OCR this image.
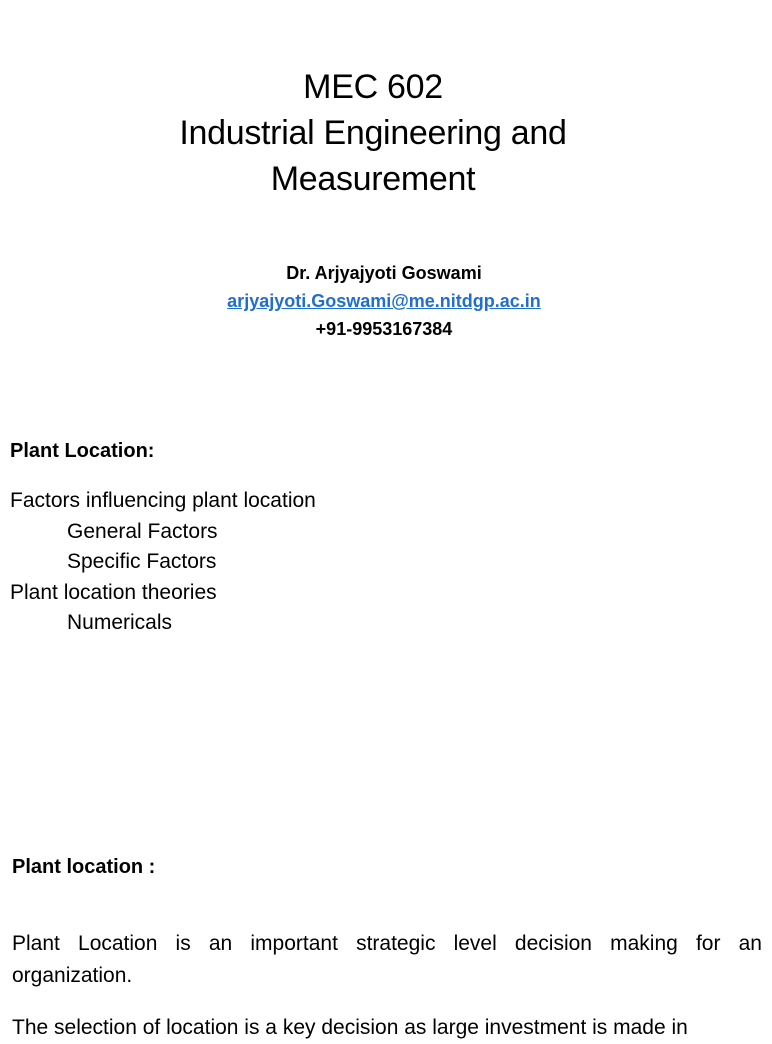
MEC 602
Industrial Engineering and
Measurement
Dr. Arjyajyoti Goswami
arjyajyoti.Goswami@me.nitdgp.ac.in
+91-9953167384
Plant Location:
Factors influencing plant location
General Factors
Specific Factors
Plant location theories
Numericals
Plant location :
Plant Location is an important strategic level decision making for an organization.
The selection of location is a key decision as large investment is made in
